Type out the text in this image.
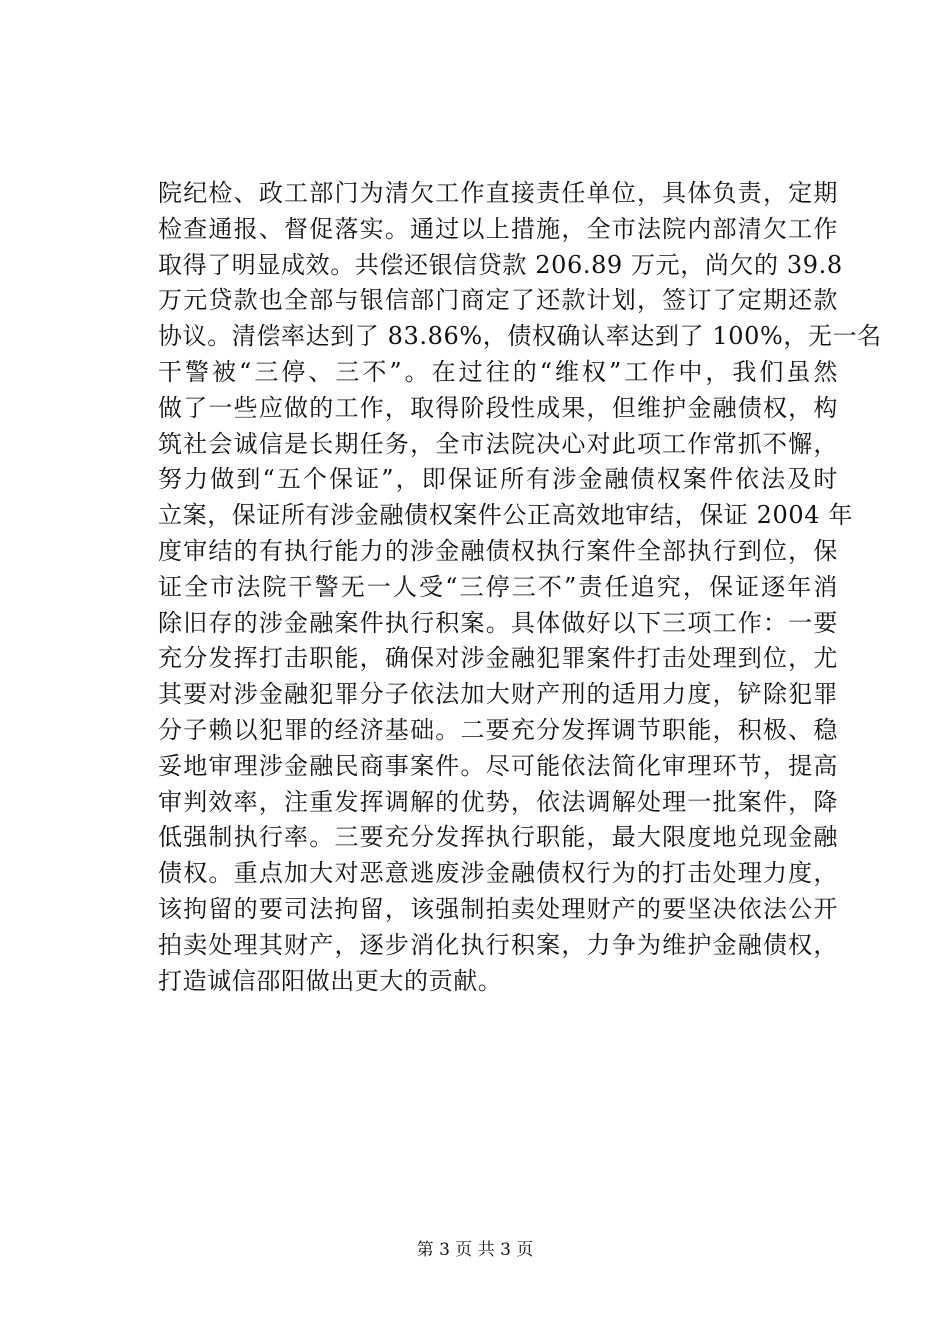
院纪检、政工部门为清欠工作直接责任单位，具体负责，定期
检查通报、督促落实。通过以上措施，全市法院内部清欠工作
取得了明显成效。共偿还银信贷款 206.89 万元，尚欠的 39.8
万元贷款也全部与银信部门商定了还款计划，签订了定期还款
协议。清偿率达到了 83.86%，债权确认率达到了 100%，无一名
干警被“三停、三不”。在过往的“维权”工作中，我们虽然
做了一些应做的工作，取得阶段性成果，但维护金融债权，构
筑社会诚信是长期任务，全市法院决心对此项工作常抓不懈，
努力做到“五个保证”，即保证所有涉金融债权案件依法及时
立案，保证所有涉金融债权案件公正高效地审结，保证 2004 年
度审结的有执行能力的涉金融债权执行案件全部执行到位，保
证全市法院干警无一人受“三停三不”责任追究，保证逐年消
除旧存的涉金融案件执行积案。具体做好以下三项工作：一要
充分发挥打击职能，确保对涉金融犯罪案件打击处理到位，尤
其要对涉金融犯罪分子依法加大财产刑的适用力度，铲除犯罪
分子赖以犯罪的经济基础。二要充分发挥调节职能，积极、稳
妥地审理涉金融民商事案件。尽可能依法简化审理环节，提高
审判效率，注重发挥调解的优势，依法调解处理一批案件，降
低强制执行率。三要充分发挥执行职能，最大限度地兑现金融
债权。重点加大对恶意逃废涉金融债权行为的打击处理力度，
该拘留的要司法拘留，该强制拍卖处理财产的要坚决依法公开
拍卖处理其财产，逐步消化执行积案，力争为维护金融债权，
打造诚信邵阳做出更大的贡献。
第 3 页 共 3 页
